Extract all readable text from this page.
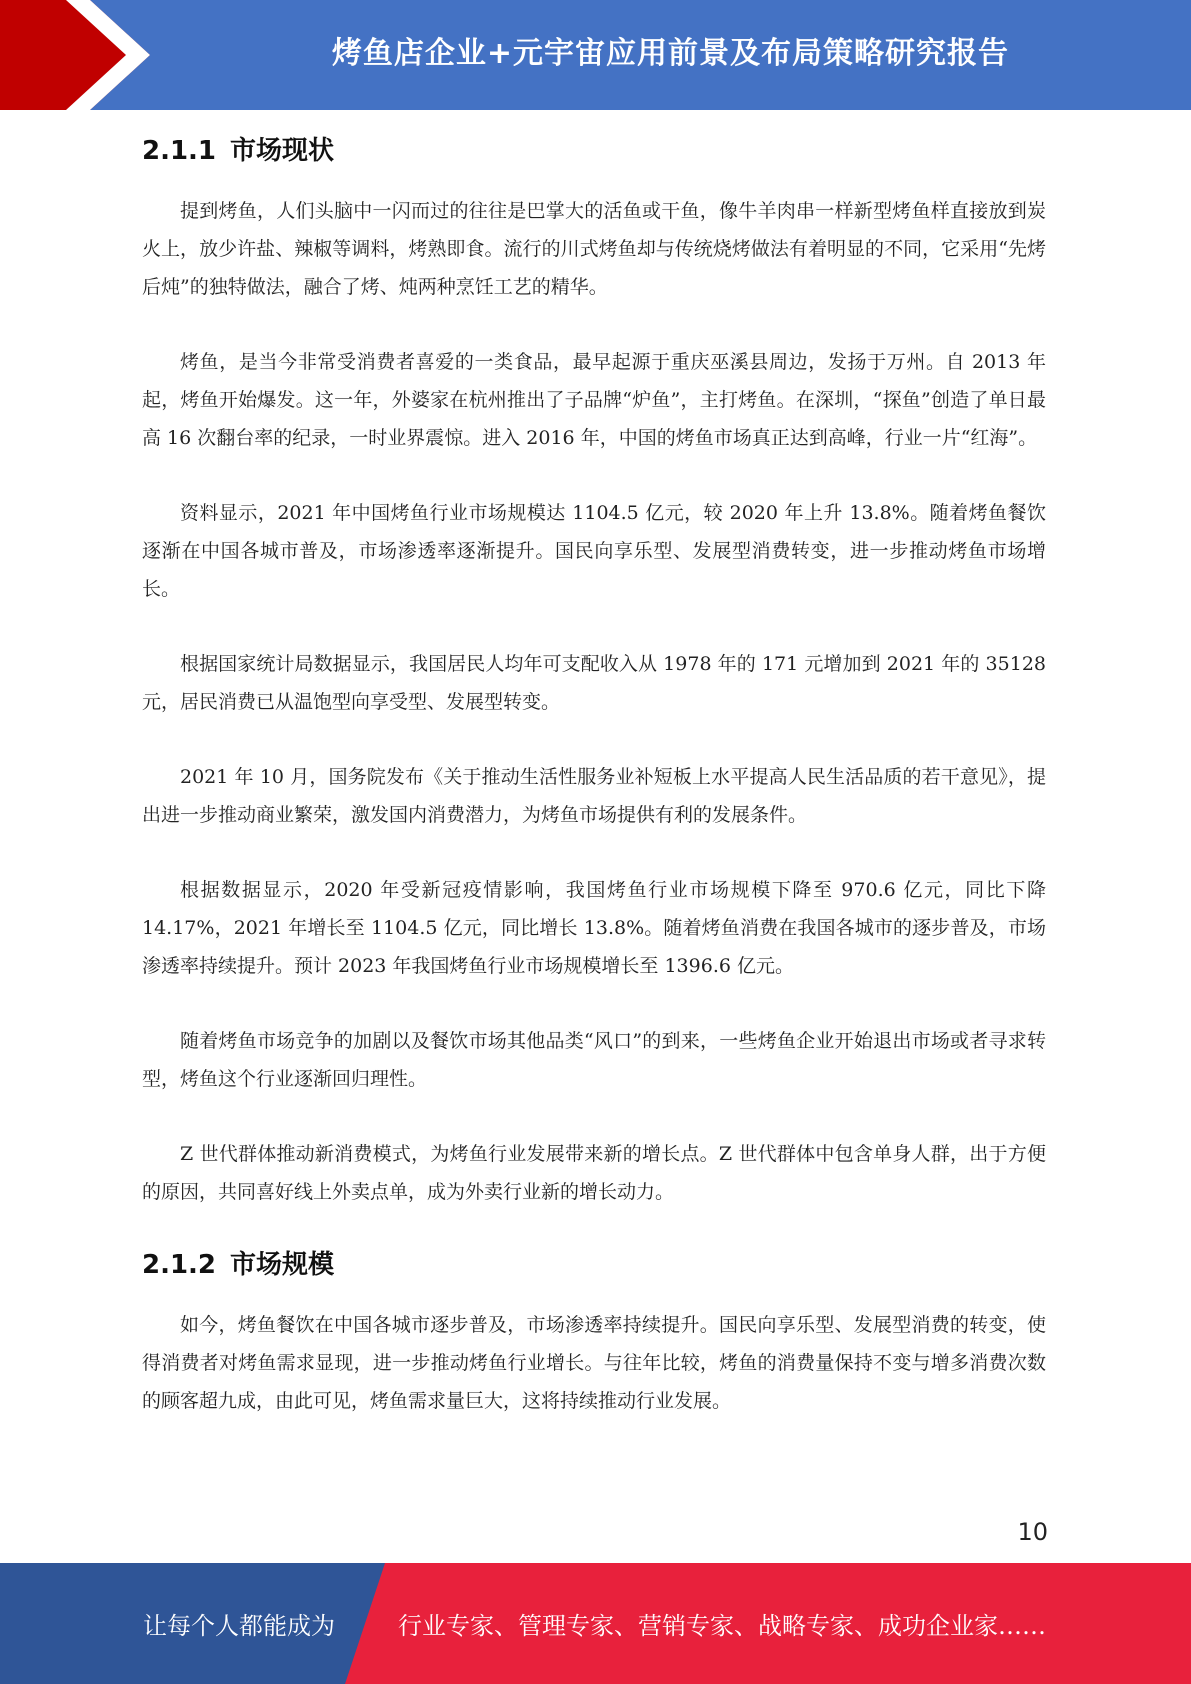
烤鱼店企业+元宇宙应用前景及布局策略研究报告
2.1.1 市场现状

提到烤鱼，人们头脑中一闪而过的往往是巴掌大的活鱼或干鱼，像牛羊肉串一样新型烤鱼样直接放到炭火上，放少许盐、辣椒等调料，烤熟即食。流行的川式烤鱼却与传统烧烤做法有着明显的不同，它采用“先烤后炖”的独特做法，融合了烤、炖两种烹饪工艺的精华。

烤鱼，是当今非常受消费者喜爱的一类食品，最早起源于重庆巫溪县周边，发扬于万州。自 2013 年起，烤鱼开始爆发。这一年，外婆家在杭州推出了子品牌“炉鱼”，主打烤鱼。在深圳，“探鱼”创造了单日最高 16 次翻台率的纪录，一时业界震惊。进入 2016 年，中国的烤鱼市场真正达到高峰，行业一片“红海”。

资料显示，2021 年中国烤鱼行业市场规模达 1104.5 亿元，较 2020 年上升 13.8%。随着烤鱼餐饮逐渐在中国各城市普及，市场渗透率逐渐提升。国民向享乐型、发展型消费转变，进一步推动烤鱼市场增长。

根据国家统计局数据显示，我国居民人均年可支配收入从 1978 年的 171 元增加到 2021 年的 35128 元，居民消费已从温饱型向享受型、发展型转变。

2021 年 10 月，国务院发布《关于推动生活性服务业补短板上水平提高人民生活品质的若干意见》，提出进一步推动商业繁荣，激发国内消费潜力，为烤鱼市场提供有利的发展条件。

根据数据显示，2020 年受新冠疫情影响，我国烤鱼行业市场规模下降至 970.6 亿元，同比下降 14.17%，2021 年增长至 1104.5 亿元，同比增长 13.8%。随着烤鱼消费在我国各城市的逐步普及，市场渗透率持续提升。预计 2023 年我国烤鱼行业市场规模增长至 1396.6 亿元。

随着烤鱼市场竞争的加剧以及餐饮市场其他品类“风口”的到来，一些烤鱼企业开始退出市场或者寻求转型，烤鱼这个行业逐渐回归理性。

Z 世代群体推动新消费模式，为烤鱼行业发展带来新的增长点。Z 世代群体中包含单身人群，出于方便的原因，共同喜好线上外卖点单，成为外卖行业新的增长动力。

2.1.2 市场规模

如今，烤鱼餐饮在中国各城市逐步普及，市场渗透率持续提升。国民向享乐型、发展型消费的转变，使得消费者对烤鱼需求显现，进一步推动烤鱼行业增长。与往年比较，烤鱼的消费量保持不变与增多消费次数的顾客超九成，由此可见，烤鱼需求量巨大，这将持续推动行业发展。

10
让每个人都能成为	行业专家、管理专家、营销专家、战略专家、成功企业家……
